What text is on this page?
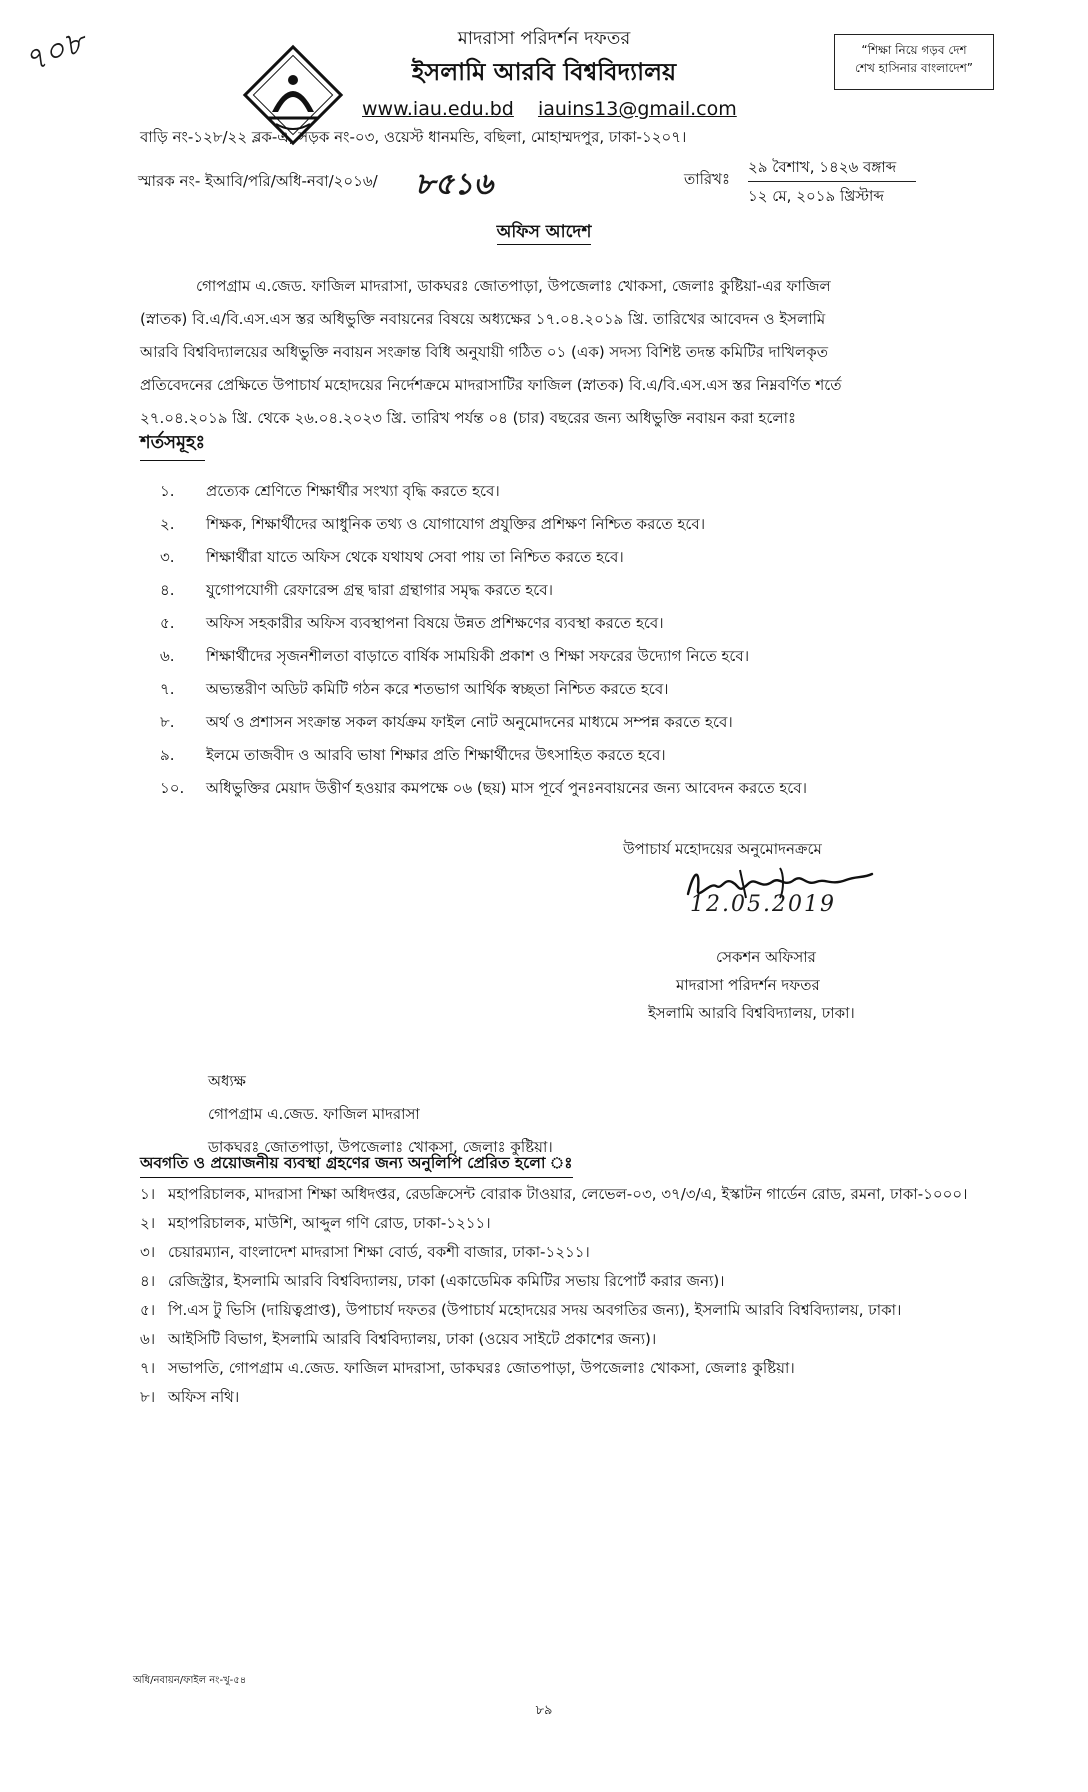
৭০৮	মাদরাসা পরিদর্শন দফতর
ইসলামি আরবি বিশ্ববিদ্যালয়
www.iau.edu.bd iauins13@gmail.com
বাড়ি নং-১২৮/২২ ব্লক-এ, সড়ক নং-০৩, ওয়েস্ট ধানমন্ডি, বছিলা, মোহাম্মদপুর, ঢাকা-১২০৭।
“শিক্ষা নিয়ে গড়ব দেশ
শেখ হাসিনার বাংলাদেশ”
স্মারক নং- ইআবি/পরি/অধি-নবা/২০১৬/ ৮৫১৬	তারিখঃ
২৯ বৈশাখ, ১৪২৬ বঙ্গাব্দ
১২ মে, ২০১৯ খ্রিস্টাব্দ
অফিস আদেশ
গোপগ্রাম এ.জেড. ফাজিল মাদরাসা, ডাকঘরঃ জোতপাড়া, উপজেলাঃ খোকসা, জেলাঃ কুষ্টিয়া-এর ফাজিল
(স্নাতক) বি.এ/বি.এস.এস স্তর অধিভুক্তি নবায়নের বিষয়ে অধ্যক্ষের ১৭.০৪.২০১৯ খ্রি. তারিখের আবেদন ও ইসলামি
আরবি বিশ্ববিদ্যালয়ের অধিভুক্তি নবায়ন সংক্রান্ত বিধি অনুযায়ী গঠিত ০১ (এক) সদস্য বিশিষ্ট তদন্ত কমিটির দাখিলকৃত
প্রতিবেদনের প্রেক্ষিতে উপাচার্য মহোদয়ের নির্দেশক্রমে মাদরাসাটির ফাজিল (স্নাতক) বি.এ/বি.এস.এস স্তর নিম্নবর্ণিত শর্তে
২৭.০৪.২০১৯ খ্রি. থেকে ২৬.০৪.২০২৩ খ্রি. তারিখ পর্যন্ত ০৪ (চার) বছরের জন্য অধিভুক্তি নবায়ন করা হলোঃ
শর্তসমূহঃ
১.	প্রত্যেক শ্রেণিতে শিক্ষার্থীর সংখ্যা বৃদ্ধি করতে হবে।
২.	শিক্ষক, শিক্ষার্থীদের আধুনিক তথ্য ও যোগাযোগ প্রযুক্তির প্রশিক্ষণ নিশ্চিত করতে হবে।
৩.	শিক্ষার্থীরা যাতে অফিস থেকে যথাযথ সেবা পায় তা নিশ্চিত করতে হবে।
৪.	যুগোপযোগী রেফারেন্স গ্রন্থ দ্বারা গ্রন্থাগার সমৃদ্ধ করতে হবে।
৫.	অফিস সহকারীর অফিস ব্যবস্থাপনা বিষয়ে উন্নত প্রশিক্ষণের ব্যবস্থা করতে হবে।
৬.	শিক্ষার্থীদের সৃজনশীলতা বাড়াতে বার্ষিক সাময়িকী প্রকাশ ও শিক্ষা সফরের উদ্যোগ নিতে হবে।
৭.	অভ্যন্তরীণ অডিট কমিটি গঠন করে শতভাগ আর্থিক স্বচ্ছতা নিশ্চিত করতে হবে।
৮.	অর্থ ও প্রশাসন সংক্রান্ত সকল কার্যক্রম ফাইল নোট অনুমোদনের মাধ্যমে সম্পন্ন করতে হবে।
৯.	ইলমে তাজবীদ ও আরবি ভাষা শিক্ষার প্রতি শিক্ষার্থীদের উৎসাহিত করতে হবে।
১০.	অধিভুক্তির মেয়াদ উত্তীর্ণ হওয়ার কমপক্ষে ০৬ (ছয়) মাস পূর্বে পুনঃনবায়নের জন্য আবেদন করতে হবে।
উপাচার্য মহোদয়ের অনুমোদনক্রমে
12.05.2019
সেকশন অফিসার
মাদরাসা পরিদর্শন দফতর
ইসলামি আরবি বিশ্ববিদ্যালয়, ঢাকা।
অধ্যক্ষ
গোপগ্রাম এ.জেড. ফাজিল মাদরাসা
ডাকঘরঃ জোতপাড়া, উপজেলাঃ খোকসা, জেলাঃ কুষ্টিয়া।
অবগতি ও প্রয়োজনীয় ব্যবস্থা গ্রহণের জন্য অনুলিপি প্রেরিত হলো ঃ
১। মহাপরিচালক, মাদরাসা শিক্ষা অধিদপ্তর, রেডক্রিসেন্ট বোরাক টাওয়ার, লেভেল-০৩, ৩৭/৩/এ, ইস্কাটন গার্ডেন রোড, রমনা, ঢাকা-১০০০।
২। মহাপরিচালক, মাউশি, আব্দুল গণি রোড, ঢাকা-১২১১।
৩। চেয়ারম্যান, বাংলাদেশ মাদরাসা শিক্ষা বোর্ড, বকশী বাজার, ঢাকা-১২১১।
৪। রেজিস্ট্রার, ইসলামি আরবি বিশ্ববিদ্যালয়, ঢাকা (একাডেমিক কমিটির সভায় রিপোর্ট করার জন্য)।
৫। পি.এস টু ভিসি (দায়িত্বপ্রাপ্ত), উপাচার্য দফতর (উপাচার্য মহোদয়ের সদয় অবগতির জন্য), ইসলামি আরবি বিশ্ববিদ্যালয়, ঢাকা।
৬। আইসিটি বিভাগ, ইসলামি আরবি বিশ্ববিদ্যালয়, ঢাকা (ওয়েব সাইটে প্রকাশের জন্য)।
৭। সভাপতি, গোপগ্রাম এ.জেড. ফাজিল মাদরাসা, ডাকঘরঃ জোতপাড়া, উপজেলাঃ খোকসা, জেলাঃ কুষ্টিয়া।
৮। অফিস নথি।
অধি/নবায়ন/ফাইল নং-খু-৫৪
৮৯
